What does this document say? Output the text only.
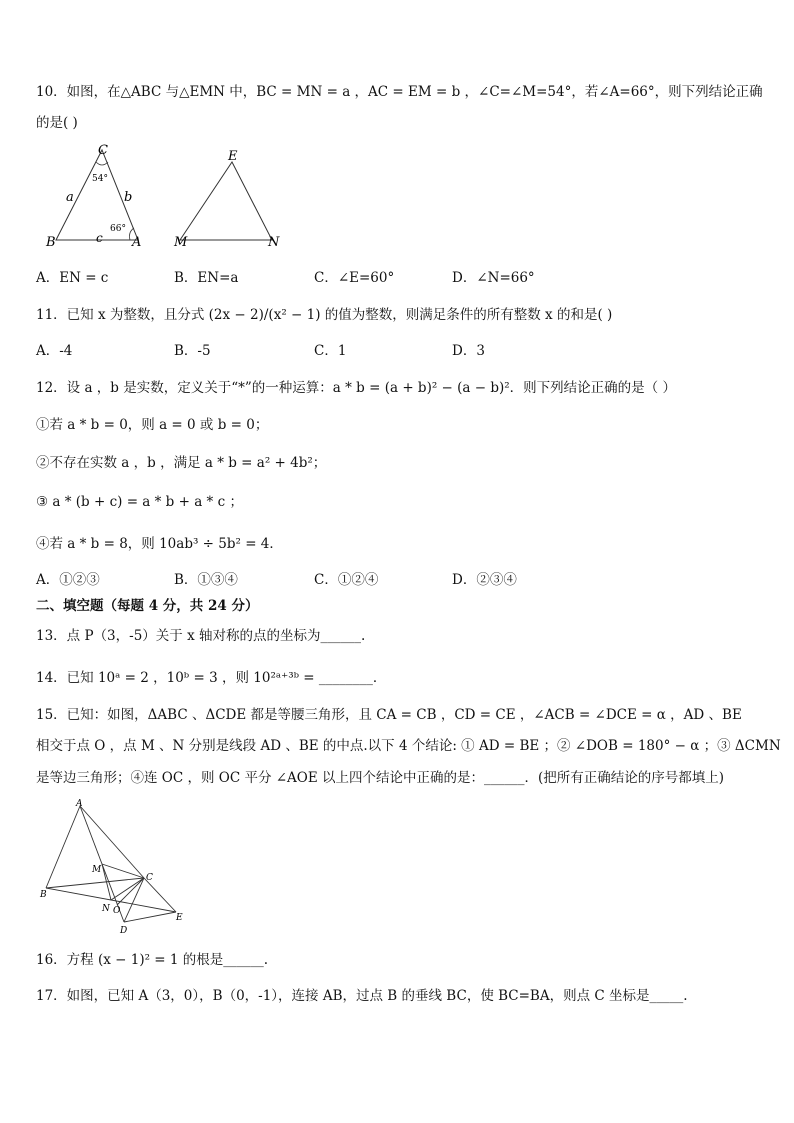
10．如图，在△ABC 与△EMN 中，BC = MN = a ，AC = EM = b ，∠C=∠M=54°，若∠A=66°，则下列结论正确
的是( )
C
B	A
a	b
c
54°
66°
E
M	N
A．EN = c	B．EN=a	C．∠E=60°	D．∠N=66°
11．已知 x 为整数，且分式 (2x − 2)/(x² − 1) 的值为整数，则满足条件的所有整数 x 的和是( )
A．-4	B．-5	C．1	D．3
12．设 a ，b 是实数，定义关于“*”的一种运算：a * b = (a + b)² − (a − b)²．则下列结论正确的是（ ）
①若 a * b = 0，则 a = 0 或 b = 0；
②不存在实数 a ，b ，满足 a * b = a² + 4b²；
③ a * (b + c) = a * b + a * c ；
④若 a * b = 8，则 10ab³ ÷ 5b² = 4．
A．①②③	B．①③④	C．①②④	D．②③④
二、填空题（每题 4 分，共 24 分）
13．点 P（3，-5）关于 x 轴对称的点的坐标为______.
14．已知 10ᵃ = 2 ，10ᵇ = 3 ，则 10²ᵃ⁺³ᵇ = ________．
15．已知：如图，ΔABC 、ΔCDE 都是等腰三角形，且 CA = CB ，CD = CE ，∠ACB = ∠DCE = α ，AD 、BE
相交于点 O ，点 M 、N 分别是线段 AD 、BE 的中点.以下 4 个结论: ① AD = BE ；② ∠DOB = 180° − α ；③ ΔCMN
是等边三角形；④连 OC ，则 OC 平分 ∠AOE 以上四个结论中正确的是：______．(把所有正确结论的序号都填上)
A
B
C
D
E
M
N O
16．方程 (x − 1)² = 1 的根是______.
17．如图，已知 A（3，0），B（0，-1），连接 AB，过点 B 的垂线 BC，使 BC=BA，则点 C 坐标是_____.
